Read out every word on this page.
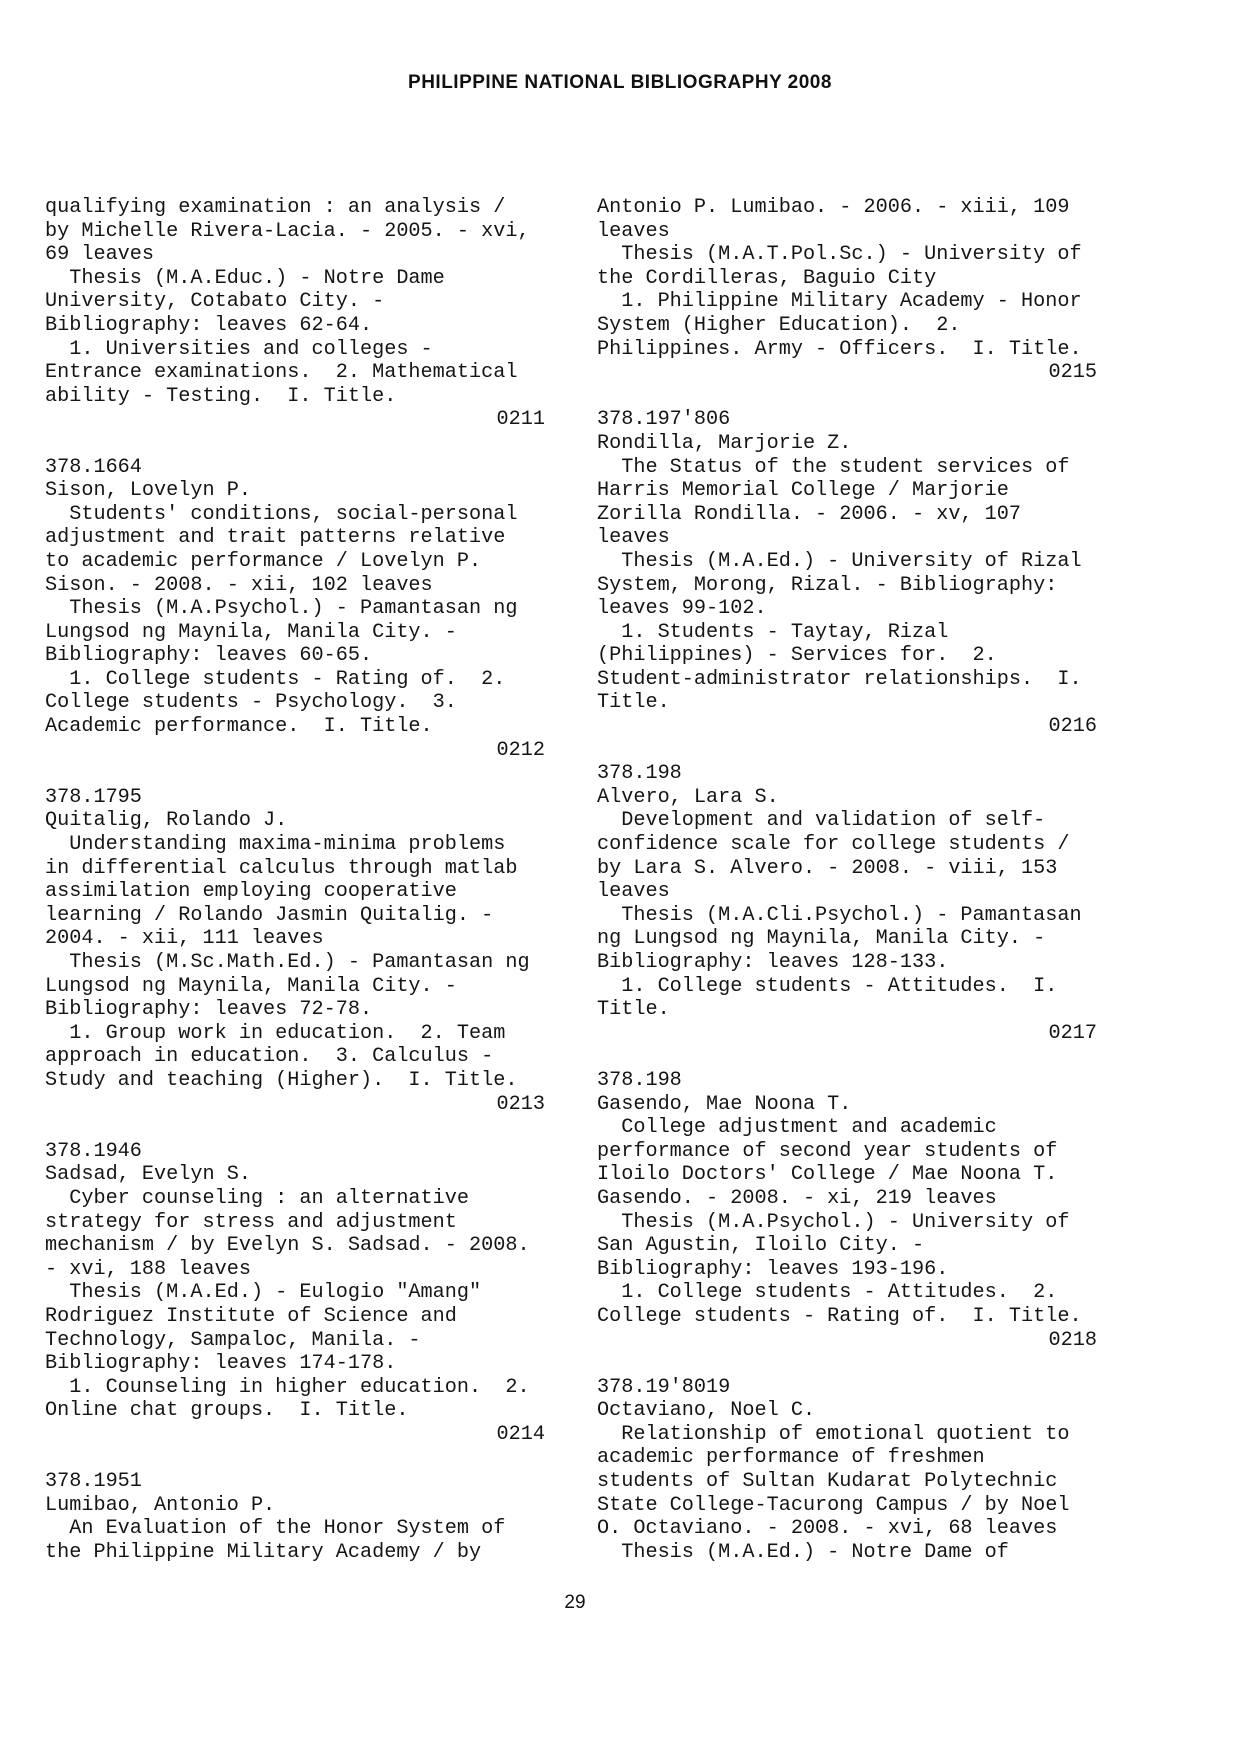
PHILIPPINE NATIONAL BIBLIOGRAPHY 2008
qualifying examination : an analysis /
by Michelle Rivera-Lacia. - 2005. - xvi,
69 leaves
Thesis (M.A.Educ.) - Notre Dame
University, Cotabato City. -
Bibliography: leaves 62-64.
1. Universities and colleges -
Entrance examinations.  2. Mathematical
ability - Testing.  I. Title.
0211
378.1664
Sison, Lovelyn P.
Students' conditions, social-personal
adjustment and trait patterns relative
to academic performance / Lovelyn P.
Sison. - 2008. - xii, 102 leaves
Thesis (M.A.Psychol.) - Pamantasan ng
Lungsod ng Maynila, Manila City. -
Bibliography: leaves 60-65.
1. College students - Rating of.  2.
College students - Psychology.  3.
Academic performance.  I. Title.
0212
378.1795
Quitalig, Rolando J.
Understanding maxima-minima problems
in differential calculus through matlab
assimilation employing cooperative
learning / Rolando Jasmin Quitalig. -
2004. - xii, 111 leaves
Thesis (M.Sc.Math.Ed.) - Pamantasan ng
Lungsod ng Maynila, Manila City. -
Bibliography: leaves 72-78.
1. Group work in education.  2. Team
approach in education.  3. Calculus -
Study and teaching (Higher).  I. Title.
0213
378.1946
Sadsad, Evelyn S.
Cyber counseling : an alternative
strategy for stress and adjustment
mechanism / by Evelyn S. Sadsad. - 2008.
- xvi, 188 leaves
Thesis (M.A.Ed.) - Eulogio "Amang"
Rodriguez Institute of Science and
Technology, Sampaloc, Manila. -
Bibliography: leaves 174-178.
1. Counseling in higher education.  2.
Online chat groups.  I. Title.
0214
378.1951
Lumibao, Antonio P.
An Evaluation of the Honor System of
the Philippine Military Academy / by
Antonio P. Lumibao. - 2006. - xiii, 109
leaves
Thesis (M.A.T.Pol.Sc.) - University of
the Cordilleras, Baguio City
1. Philippine Military Academy - Honor
System (Higher Education).  2.
Philippines. Army - Officers.  I. Title.
0215
378.197'806
Rondilla, Marjorie Z.
The Status of the student services of
Harris Memorial College / Marjorie
Zorilla Rondilla. - 2006. - xv, 107
leaves
Thesis (M.A.Ed.) - University of Rizal
System, Morong, Rizal. - Bibliography:
leaves 99-102.
1. Students - Taytay, Rizal
(Philippines) - Services for.  2.
Student-administrator relationships.  I.
Title.
0216
378.198
Alvero, Lara S.
Development and validation of self-
confidence scale for college students /
by Lara S. Alvero. - 2008. - viii, 153
leaves
Thesis (M.A.Cli.Psychol.) - Pamantasan
ng Lungsod ng Maynila, Manila City. -
Bibliography: leaves 128-133.
1. College students - Attitudes.  I.
Title.
0217
378.198
Gasendo, Mae Noona T.
College adjustment and academic
performance of second year students of
Iloilo Doctors' College / Mae Noona T.
Gasendo. - 2008. - xi, 219 leaves
Thesis (M.A.Psychol.) - University of
San Agustin, Iloilo City. -
Bibliography: leaves 193-196.
1. College students - Attitudes.  2.
College students - Rating of.  I. Title.
0218
378.19'8019
Octaviano, Noel C.
Relationship of emotional quotient to
academic performance of freshmen
students of Sultan Kudarat Polytechnic
State College-Tacurong Campus / by Noel
O. Octaviano. - 2008. - xvi, 68 leaves
Thesis (M.A.Ed.) - Notre Dame of
29
